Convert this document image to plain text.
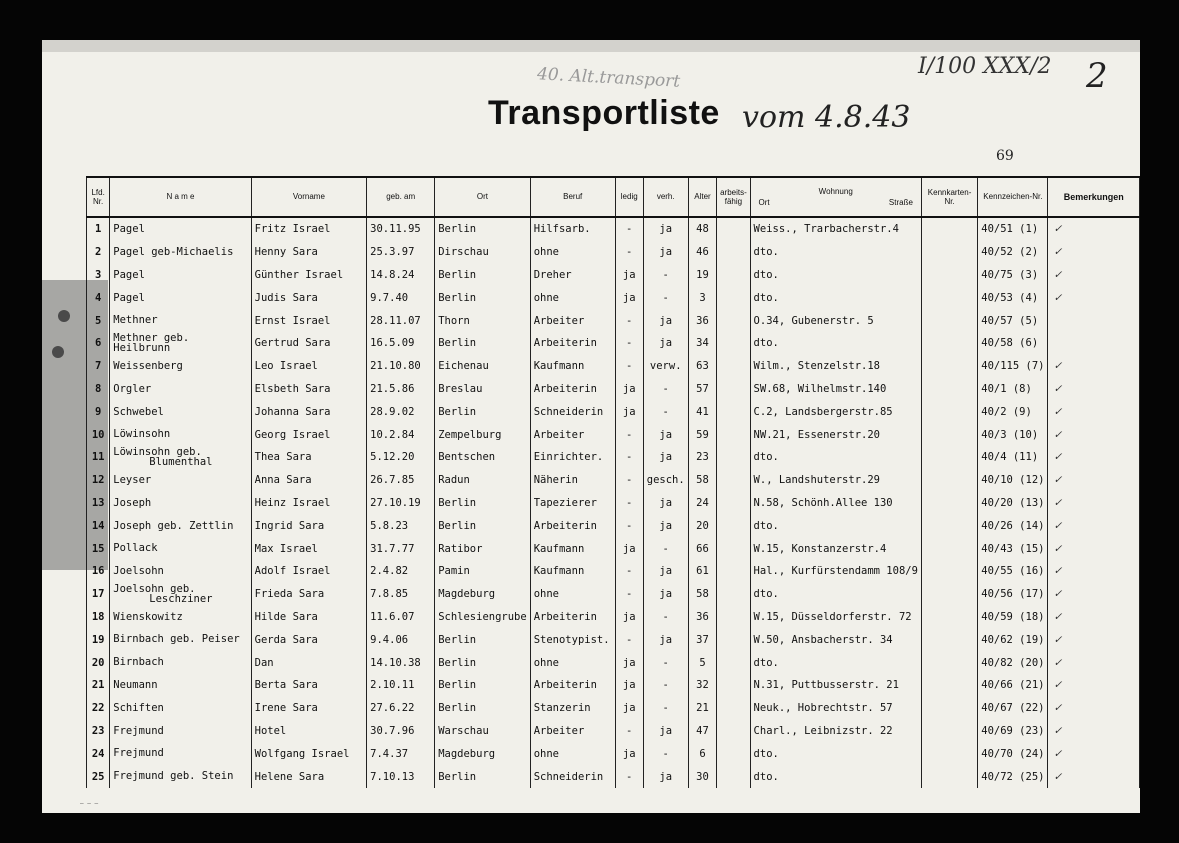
40. Alt.transport	I/100 XXX/2 2
Transportliste vom 4.8.43
69
Lfd. Nr.	N a m e	Vorname	geb. am	Ort	Beruf	ledig	verh.	Alter	arbeits-fähig	Wohnung
Ort Straße	Kennkarten-Nr.	Kennzeichen-Nr.	Bemerkungen
1	Pagel	Fritz Israel	30.11.95	Berlin	Hilfsarb.	-	ja	48		Weiss., Trarbacherstr.4		40/51 (1)	✓
2	Pagel geb-Michaelis	Henny Sara	25.3.97	Dirschau	ohne	-	ja	46		dto.		40/52 (2)	✓
3	Pagel	Günther Israel	14.8.24	Berlin	Dreher	ja	-	19		dto.		40/75 (3)	✓
4	Pagel	Judis Sara	9.7.40	Berlin	ohne	ja	-	3		dto.		40/53 (4)	✓
5	Methner	Ernst Israel	28.11.07	Thorn	Arbeiter	-	ja	36		O.34, Gubenerstr. 5		40/57 (5)	
6	Methner geb. Heilbrunn	Gertrud Sara	16.5.09	Berlin	Arbeiterin	-	ja	34		dto.		40/58 (6)	
7	Weissenberg	Leo Israel	21.10.80	Eichenau	Kaufmann	-	verw.	63		Wilm., Stenzelstr.18		40/115 (7)	✓
8	Orgler	Elsbeth Sara	21.5.86	Breslau	Arbeiterin	ja	-	57		SW.68, Wilhelmstr.140		40/1 (8)	✓
9	Schwebel	Johanna Sara	28.9.02	Berlin	Schneiderin	ja	-	41		C.2, Landsbergerstr.85		40/2 (9)	✓
10	Löwinsohn	Georg Israel	10.2.84	Zempelburg	Arbeiter	-	ja	59		NW.21, Essenerstr.20		40/3 (10)	✓
11	Löwinsohn geb.
Blumenthal	Thea Sara	5.12.20	Bentschen	Einrichter.	-	ja	23		dto.		40/4 (11)	✓
12	Leyser	Anna Sara	26.7.85	Radun	Näherin	-	gesch.	58		W., Landshuterstr.29		40/10 (12)	✓
13	Joseph	Heinz Israel	27.10.19	Berlin	Tapezierer	-	ja	24		N.58, Schönh.Allee 130		40/20 (13)	✓
14	Joseph geb. Zettlin	Ingrid Sara	5.8.23	Berlin	Arbeiterin	-	ja	20		dto.		40/26 (14)	✓
15	Pollack	Max Israel	31.7.77	Ratibor	Kaufmann	ja	-	66		W.15, Konstanzerstr.4		40/43 (15)	✓
16	Joelsohn	Adolf Israel	2.4.82	Pamin	Kaufmann	-	ja	61		Hal., Kurfürstendamm 108/9		40/55 (16)	✓
17	Joelsohn geb.
Leschziner	Frieda Sara	7.8.85	Magdeburg	ohne	-	ja	58		dto.		40/56 (17)	✓
18	Wienskowitz	Hilde Sara	11.6.07	Schlesiengrube	Arbeiterin	ja	-	36		W.15, Düsseldorferstr. 72		40/59 (18)	✓
19	Birnbach geb. Peiser	Gerda Sara	9.4.06	Berlin	Stenotypist.	-	ja	37		W.50, Ansbacherstr. 34		40/62 (19)	✓
20	Birnbach	Dan	14.10.38	Berlin	ohne	ja	-	5		dto.		40/82 (20)	✓
21	Neumann	Berta Sara	2.10.11	Berlin	Arbeiterin	ja	-	32		N.31, Puttbusserstr. 21		40/66 (21)	✓
22	Schiften	Irene Sara	27.6.22	Berlin	Stanzerin	ja	-	21		Neuk., Hobrechtstr. 57		40/67 (22)	✓
23	Frejmund	Hotel	30.7.96	Warschau	Arbeiter	-	ja	47		Charl., Leibnizstr. 22		40/69 (23)	✓
24	Frejmund	Wolfgang Israel	7.4.37	Magdeburg	ohne	ja	-	6		dto.		40/70 (24)	✓
25	Frejmund geb. Stein	Helene Sara	7.10.13	Berlin	Schneiderin	-	ja	30		dto.		40/72 (25)	✓
— — —
